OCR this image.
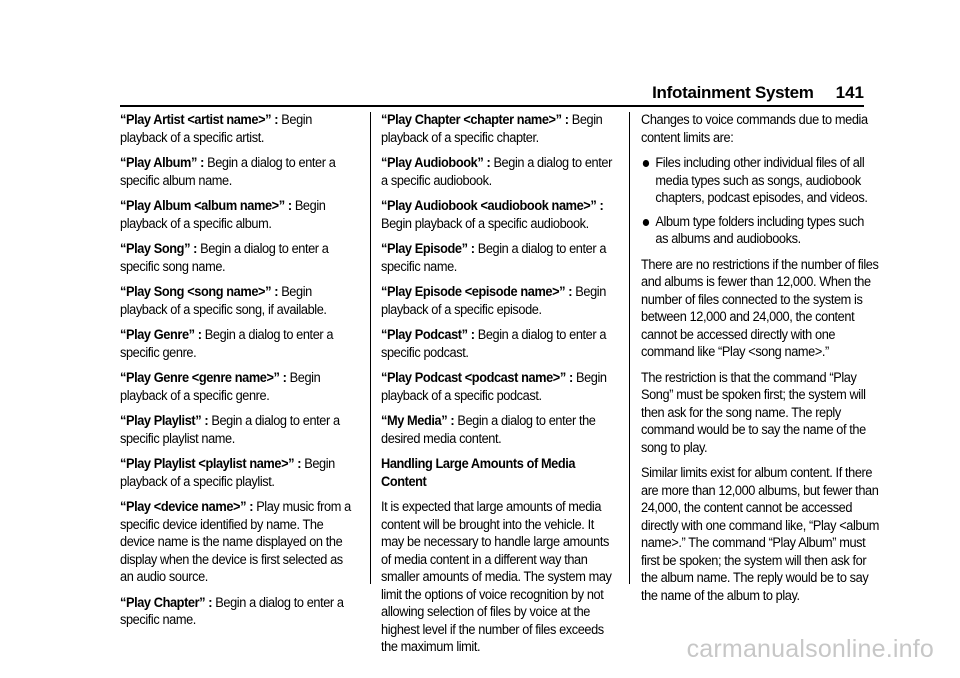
Infotainment System 141

“Play Artist <artist name>” : Begin playback of a specific artist.

“Play Album” : Begin a dialog to enter a specific album name.

“Play Album <album name>” : Begin playback of a specific album.

“Play Song” : Begin a dialog to enter a specific song name.

“Play Song <song name>” : Begin playback of a specific song, if available.

“Play Genre” : Begin a dialog to enter a specific genre.

“Play Genre <genre name>” : Begin playback of a specific genre.

“Play Playlist” : Begin a dialog to enter a specific playlist name.

“Play Playlist <playlist name>” : Begin playback of a specific playlist.

“Play <device name>” : Play music from a specific device identified by name. The device name is the name displayed on the display when the device is first selected as an audio source.

“Play Chapter” : Begin a dialog to enter a specific name.

“Play Chapter <chapter name>” : Begin playback of a specific chapter.

“Play Audiobook” : Begin a dialog to enter a specific audiobook.

“Play Audiobook <audiobook name>” : Begin playback of a specific audiobook.

“Play Episode” : Begin a dialog to enter a specific name.

“Play Episode <episode name>” : Begin playback of a specific episode.

“Play Podcast” : Begin a dialog to enter a specific podcast.

“Play Podcast <podcast name>” : Begin playback of a specific podcast.

“My Media” : Begin a dialog to enter the desired media content.

Handling Large Amounts of Media Content

It is expected that large amounts of media content will be brought into the vehicle. It may be necessary to handle large amounts of media content in a different way than smaller amounts of media. The system may limit the options of voice recognition by not allowing selection of files by voice at the highest level if the number of files exceeds the maximum limit.

Changes to voice commands due to media content limits are:

Files including other individual files of all media types such as songs, audiobook chapters, podcast episodes, and videos.
Album type folders including types such as albums and audiobooks.

There are no restrictions if the number of files and albums is fewer than 12,000. When the number of files connected to the system is between 12,000 and 24,000, the content cannot be accessed directly with one command like “Play <song name>.”

The restriction is that the command “Play Song” must be spoken first; the system will then ask for the song name. The reply command would be to say the name of the song to play.

Similar limits exist for album content. If there are more than 12,000 albums, but fewer than 24,000, the content cannot be accessed directly with one command like, “Play <album name>.” The command “Play Album” must first be spoken; the system will then ask for the album name. The reply would be to say the name of the album to play.

carmanualsonline.info
